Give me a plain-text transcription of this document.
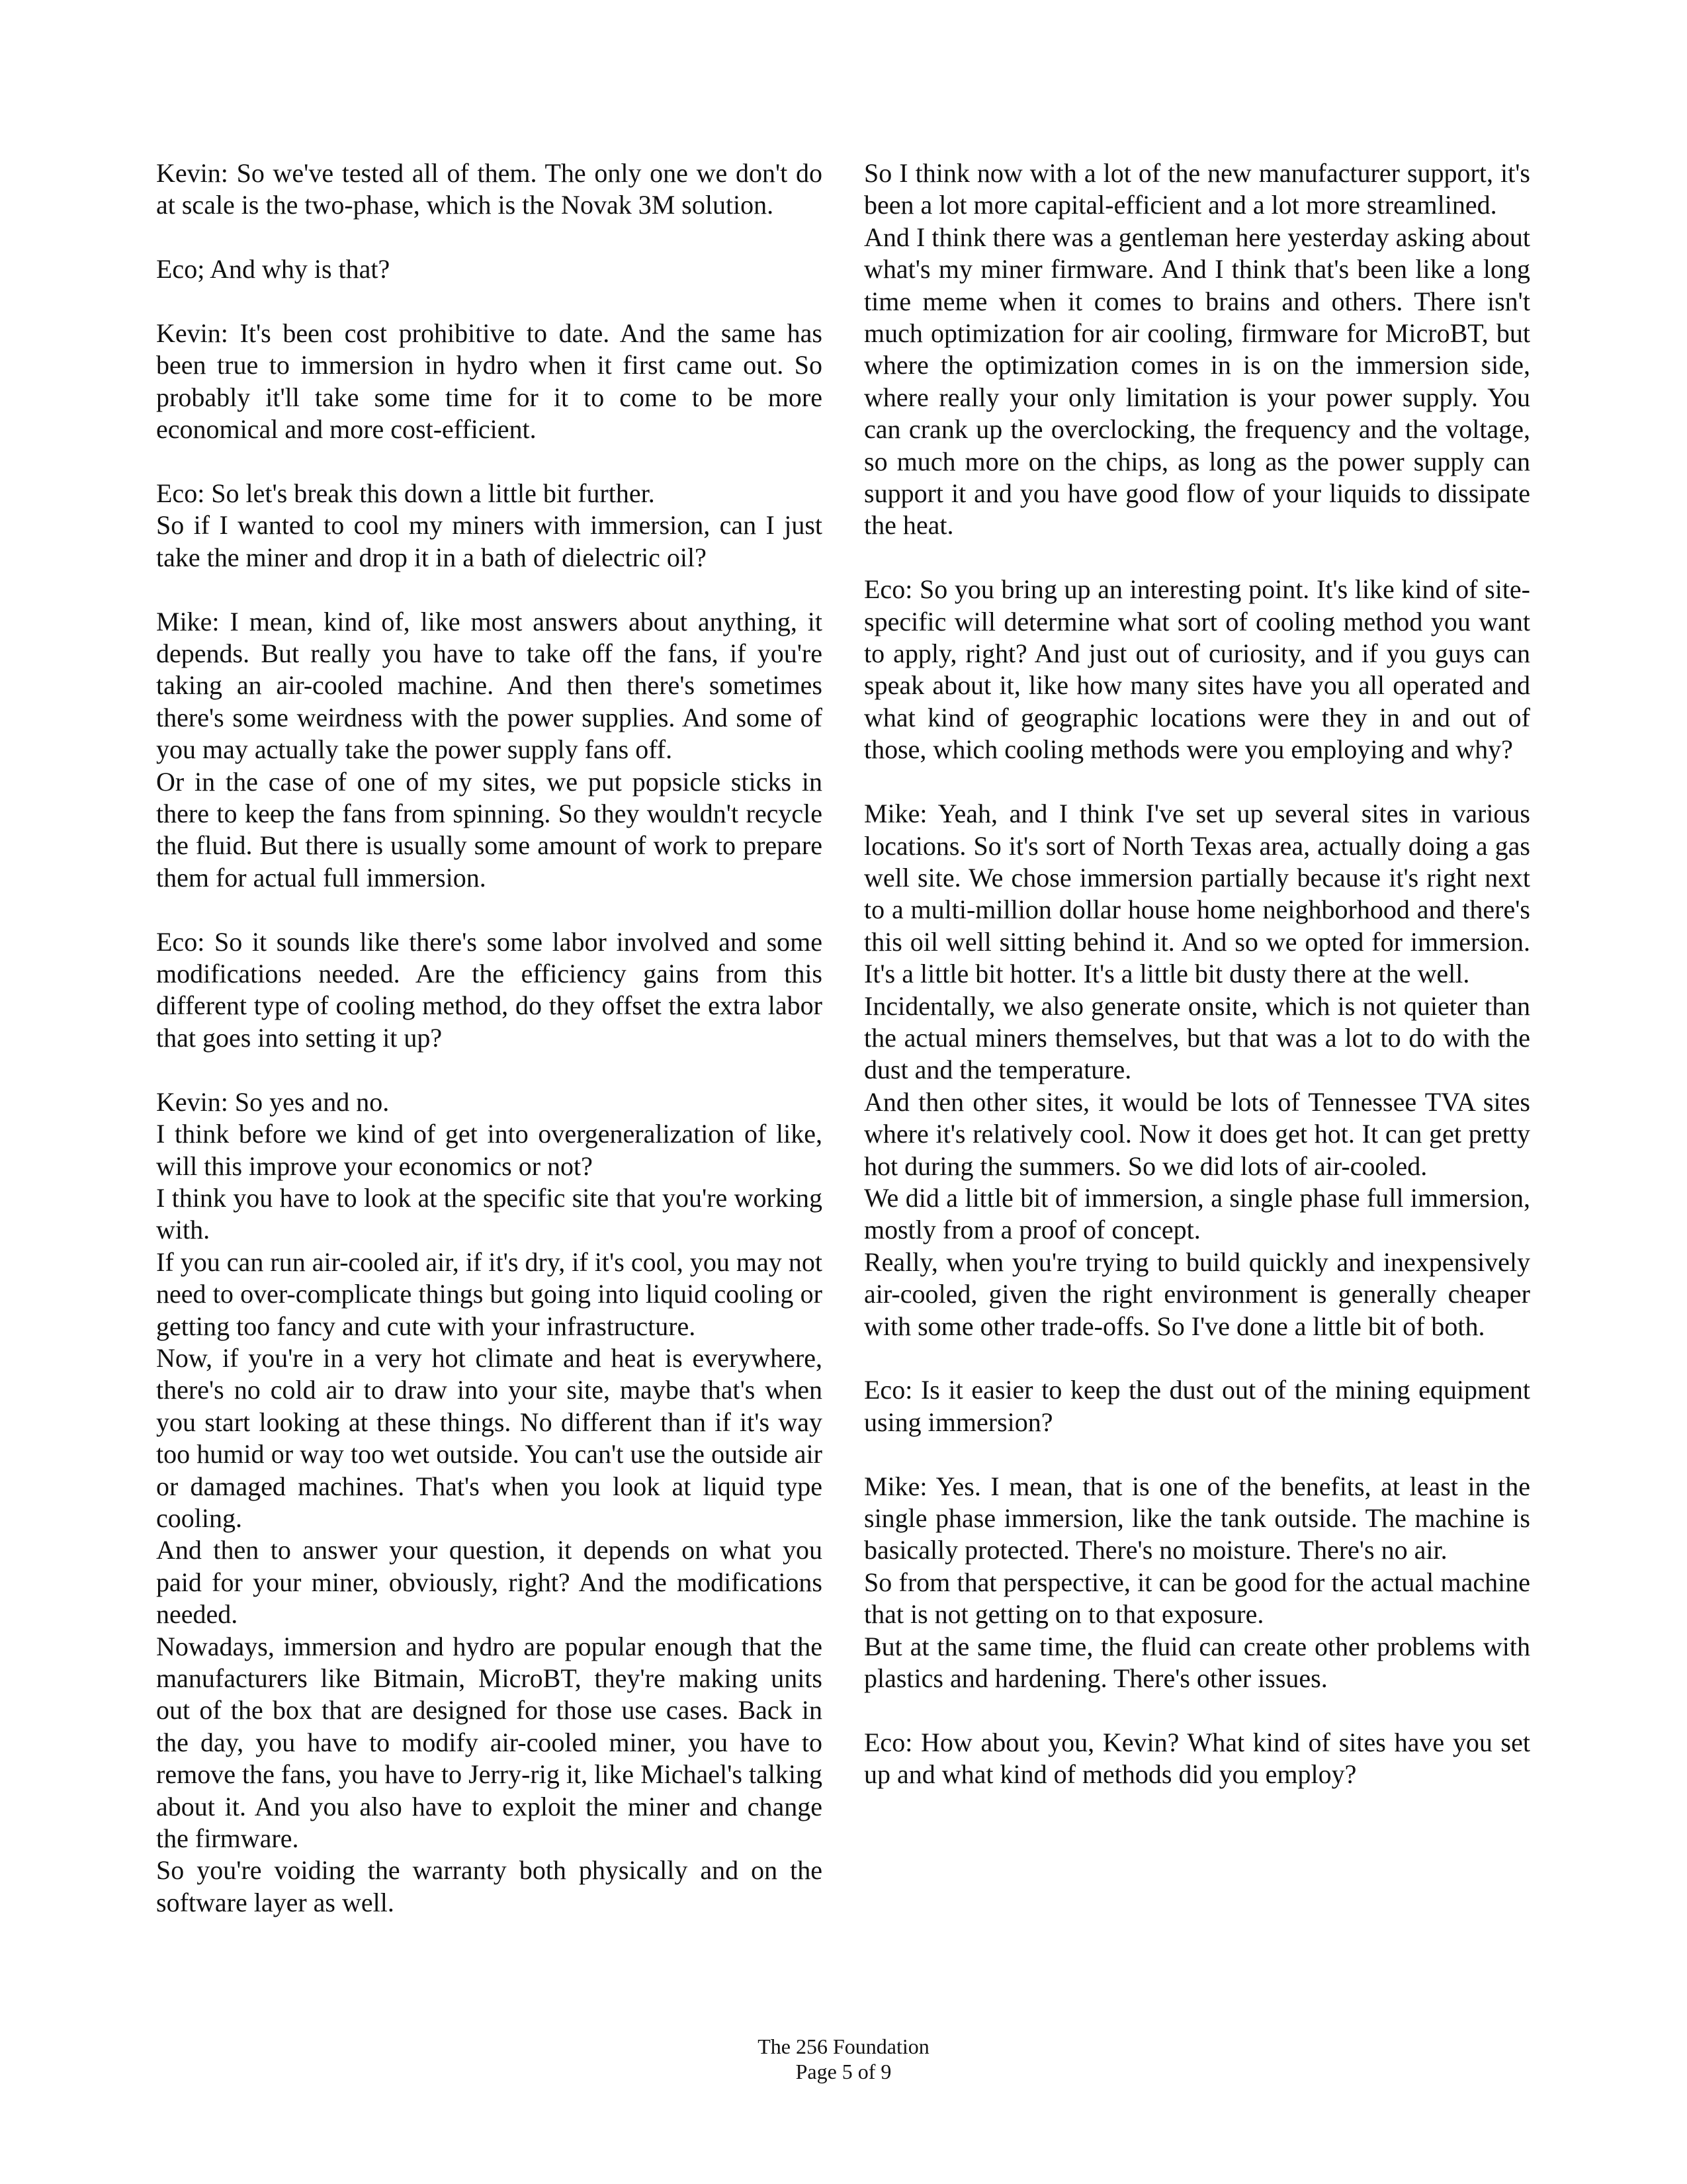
Kevin: So we've tested all of them. The only one we don't do at scale is the two-phase, which is the Novak 3M solution.

Eco; And why is that?

Kevin: It's been cost prohibitive to date. And the same has been true to immersion in hydro when it first came out. So probably it'll take some time for it to come to be more economical and more cost-efficient.

Eco: So let's break this down a little bit further.

So if I wanted to cool my miners with immersion, can I just take the miner and drop it in a bath of dielectric oil?

Mike: I mean, kind of, like most answers about anything, it depends. But really you have to take off the fans, if you're taking an air-cooled machine. And then there's sometimes there's some weirdness with the power supplies. And some of you may actually take the power supply fans off.

Or in the case of one of my sites, we put popsicle sticks in there to keep the fans from spinning. So they wouldn't recycle the fluid. But there is usually some amount of work to prepare them for actual full immersion.

Eco: So it sounds like there's some labor involved and some modifications needed. Are the efficiency gains from this different type of cooling method, do they offset the extra labor that goes into setting it up?

Kevin: So yes and no.

I think before we kind of get into overgeneralization of like, will this improve your economics or not?

I think you have to look at the specific site that you're working with.

If you can run air-cooled air, if it's dry, if it's cool, you may not need to over-complicate things but going into liquid cooling or getting too fancy and cute with your infrastructure.

Now, if you're in a very hot climate and heat is everywhere, there's no cold air to draw into your site, maybe that's when you start looking at these things. No different than if it's way too humid or way too wet outside. You can't use the outside air or damaged machines. That's when you look at liquid type cooling.

And then to answer your question, it depends on what you paid for your miner, obviously, right? And the modifications needed.

Nowadays, immersion and hydro are popular enough that the manufacturers like Bitmain, MicroBT, they're making units out of the box that are designed for those use cases. Back in the day, you have to modify air-cooled miner, you have to remove the fans, you have to Jerry-rig it, like Michael's talking about it. And you also have to exploit the miner and change the firmware.

So you're voiding the warranty both physically and on the software layer as well.

So I think now with a lot of the new manufacturer support, it's been a lot more capital-efficient and a lot more streamlined.

And I think there was a gentleman here yesterday asking about what's my miner firmware. And I think that's been like a long time meme when it comes to brains and others. There isn't much optimization for air cooling, firmware for MicroBT, but where the optimization comes in is on the immersion side, where really your only limitation is your power supply. You can crank up the overclocking, the frequency and the voltage, so much more on the chips, as long as the power supply can support it and you have good flow of your liquids to dissipate the heat.

Eco: So you bring up an interesting point. It's like kind of site-specific will determine what sort of cooling method you want to apply, right? And just out of curiosity, and if you guys can speak about it, like how many sites have you all operated and what kind of geographic locations were they in and out of those, which cooling methods were you employing and why?

Mike: Yeah, and I think I've set up several sites in various locations. So it's sort of North Texas area, actually doing a gas well site. We chose immersion partially because it's right next to a multi-million dollar house home neighborhood and there's this oil well sitting behind it. And so we opted for immersion. It's a little bit hotter. It's a little bit dusty there at the well.

Incidentally, we also generate onsite, which is not quieter than the actual miners themselves, but that was a lot to do with the dust and the temperature.

And then other sites, it would be lots of Tennessee TVA sites where it's relatively cool. Now it does get hot. It can get pretty hot during the summers. So we did lots of air-cooled.

We did a little bit of immersion, a single phase full immersion, mostly from a proof of concept.

Really, when you're trying to build quickly and inexpensively air-cooled, given the right environment is generally cheaper with some other trade-offs. So I've done a little bit of both.

Eco: Is it easier to keep the dust out of the mining equipment using immersion?

Mike: Yes. I mean, that is one of the benefits, at least in the single phase immersion, like the tank outside. The machine is basically protected. There's no moisture. There's no air.

So from that perspective, it can be good for the actual machine that is not getting on to that exposure.

But at the same time, the fluid can create other problems with plastics and hardening. There's other issues.

Eco: How about you, Kevin? What kind of sites have you set up and what kind of methods did you employ?

The 256 Foundation
Page 5 of 9
